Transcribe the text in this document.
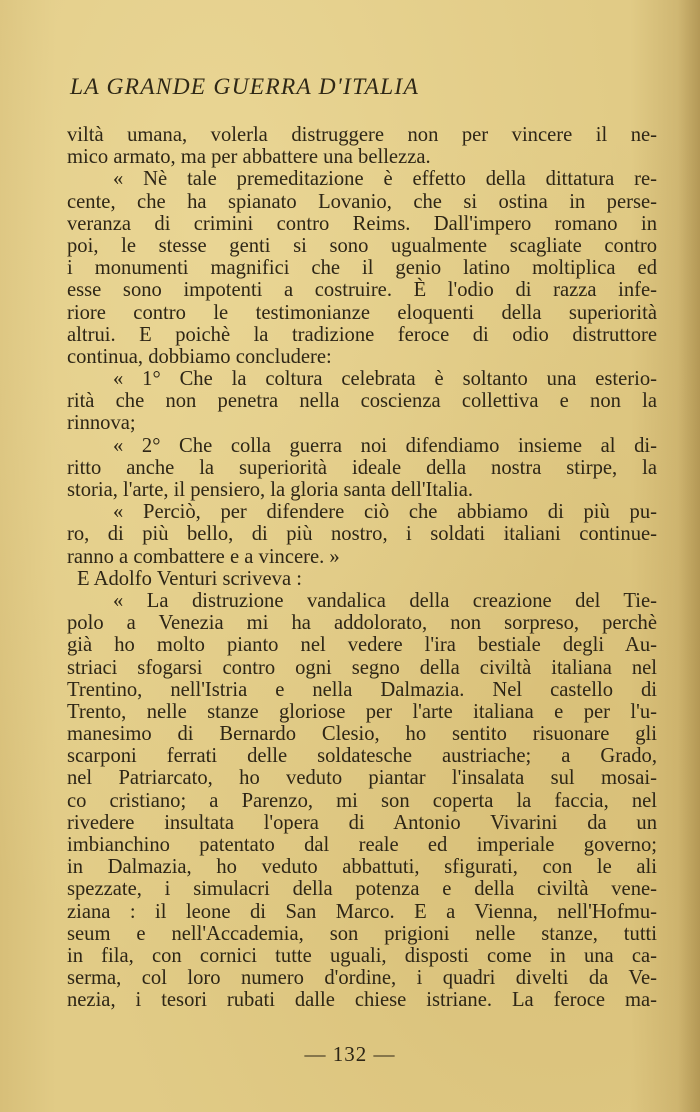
LA GRANDE GUERRA D'ITALIA
viltà umana, volerla distruggere non per vincere il ne-
mico armato, ma per abbattere una bellezza.
« Nè tale premeditazione è effetto della dittatura re-
cente, che ha spianato Lovanio, che si ostina in perse-
veranza di crimini contro Reims. Dall'impero romano in
poi, le stesse genti si sono ugualmente scagliate contro
i monumenti magnifici che il genio latino moltiplica ed
esse sono impotenti a costruire. È l'odio di razza infe-
riore contro le testimonianze eloquenti della superiorità
altrui. E poichè la tradizione feroce di odio distruttore
continua, dobbiamo concludere:
« 1° Che la coltura celebrata è soltanto una esterio-
rità che non penetra nella coscienza collettiva e non la
rinnova;
« 2° Che colla guerra noi difendiamo insieme al di-
ritto anche la superiorità ideale della nostra stirpe, la
storia, l'arte, il pensiero, la gloria santa dell'Italia.
« Perciò, per difendere ciò che abbiamo di più pu-
ro, di più bello, di più nostro, i soldati italiani continue-
ranno a combattere e a vincere. »
E Adolfo Venturi scriveva :
« La distruzione vandalica della creazione del Tie-
polo a Venezia mi ha addolorato, non sorpreso, perchè
già ho molto pianto nel vedere l'ira bestiale degli Au-
striaci sfogarsi contro ogni segno della civiltà italiana nel
Trentino, nell'Istria e nella Dalmazia. Nel castello di
Trento, nelle stanze gloriose per l'arte italiana e per l'u-
manesimo di Bernardo Clesio, ho sentito risuonare gli
scarponi ferrati delle soldatesche austriache; a Grado,
nel Patriarcato, ho veduto piantar l'insalata sul mosai-
co cristiano; a Parenzo, mi son coperta la faccia, nel
rivedere insultata l'opera di Antonio Vivarini da un
imbianchino patentato dal reale ed imperiale governo;
in Dalmazia, ho veduto abbattuti, sfigurati, con le ali
spezzate, i simulacri della potenza e della civiltà vene-
ziana : il leone di San Marco. E a Vienna, nell'Hofmu-
seum e nell'Accademia, son prigioni nelle stanze, tutti
in fila, con cornici tutte uguali, disposti come in una ca-
serma, col loro numero d'ordine, i quadri divelti da Ve-
nezia, i tesori rubati dalle chiese istriane. La feroce ma-

— 132 —
